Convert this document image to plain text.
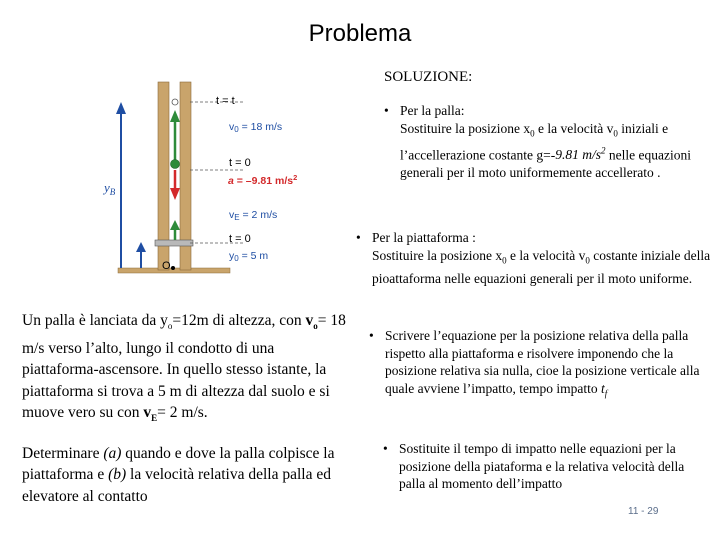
Problema
t = t
v0 = 18 m/s
t = 0
a = –9.81 $m/s^2$
vE = 2 m/s
t = 0
y0 = 5 m
$y_B$
O
SOLUZIONE:
• Per la palla:
Sostituire la posizione $x_0$ e la velocità $v_0$ iniziali e l’accellerazione costante g=-9.81 $m/s^2$ nelle equazioni generali per il moto uniformemente accellerato .
• Per la piattaforma :
Sostituire la posizione $x_0$ e la velocità $v_0$ costante iniziale della pioattaforma nelle equazioni generali per il moto uniforme.
• Scrivere l’equazione per la posizione relativa della palla rispetto alla piattaforma e risolvere imponendo che la posizione relativa sia nulla, cioe la posizione verticale alla quale avviene l’impatto, tempo impatto $t_f$
• Sostituite il tempo di impatto nelle equazioni per la posizione della piataforma e la relativa velocità della palla al momento dell’impatto

Un palla è lanciata da $y_o=12m$ di altezza, con $v_o= 18$ m/s verso l’alto, lungo il condotto di una piattaforma-ascensore. In quello stesso istante, la piattaforma si trova a 5 m di altezza dal suolo e si muove vero su con $v_E= 2$ m/s.

Determinare (a) quando e dove la palla colpisce la piattaforma e (b) la velocità relativa della palla ed elevatore al contatto

11 - 29
